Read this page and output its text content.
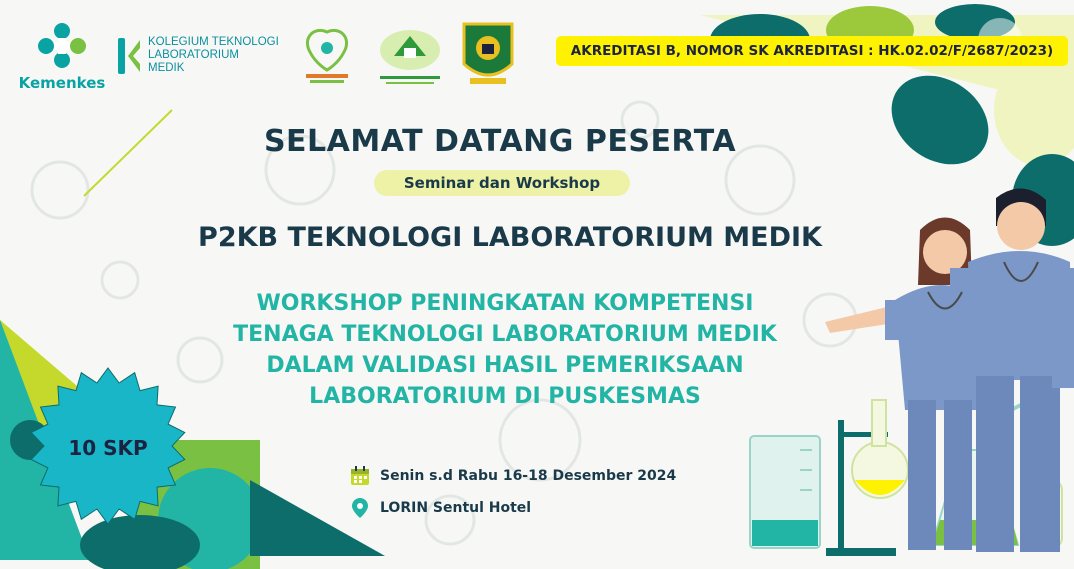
Kemenkes
KOLEGIUM TEKNOLOGI
LABORATORIUM
MEDIK
AKREDITASI B, NOMOR SK AKREDITASI : HK.02.02/F/2687/2023)
SELAMAT DATANG PESERTA
Seminar dan Workshop
P2KB TEKNOLOGI LABORATORIUM MEDIK
WORKSHOP PENINGKATAN KOMPETENSI
TENAGA TEKNOLOGI LABORATORIUM MEDIK
DALAM VALIDASI HASIL PEMERIKSAAN
LABORATORIUM DI PUSKESMAS
10 SKP
Senin s.d Rabu 16-18 Desember 2024
LORIN Sentul Hotel
